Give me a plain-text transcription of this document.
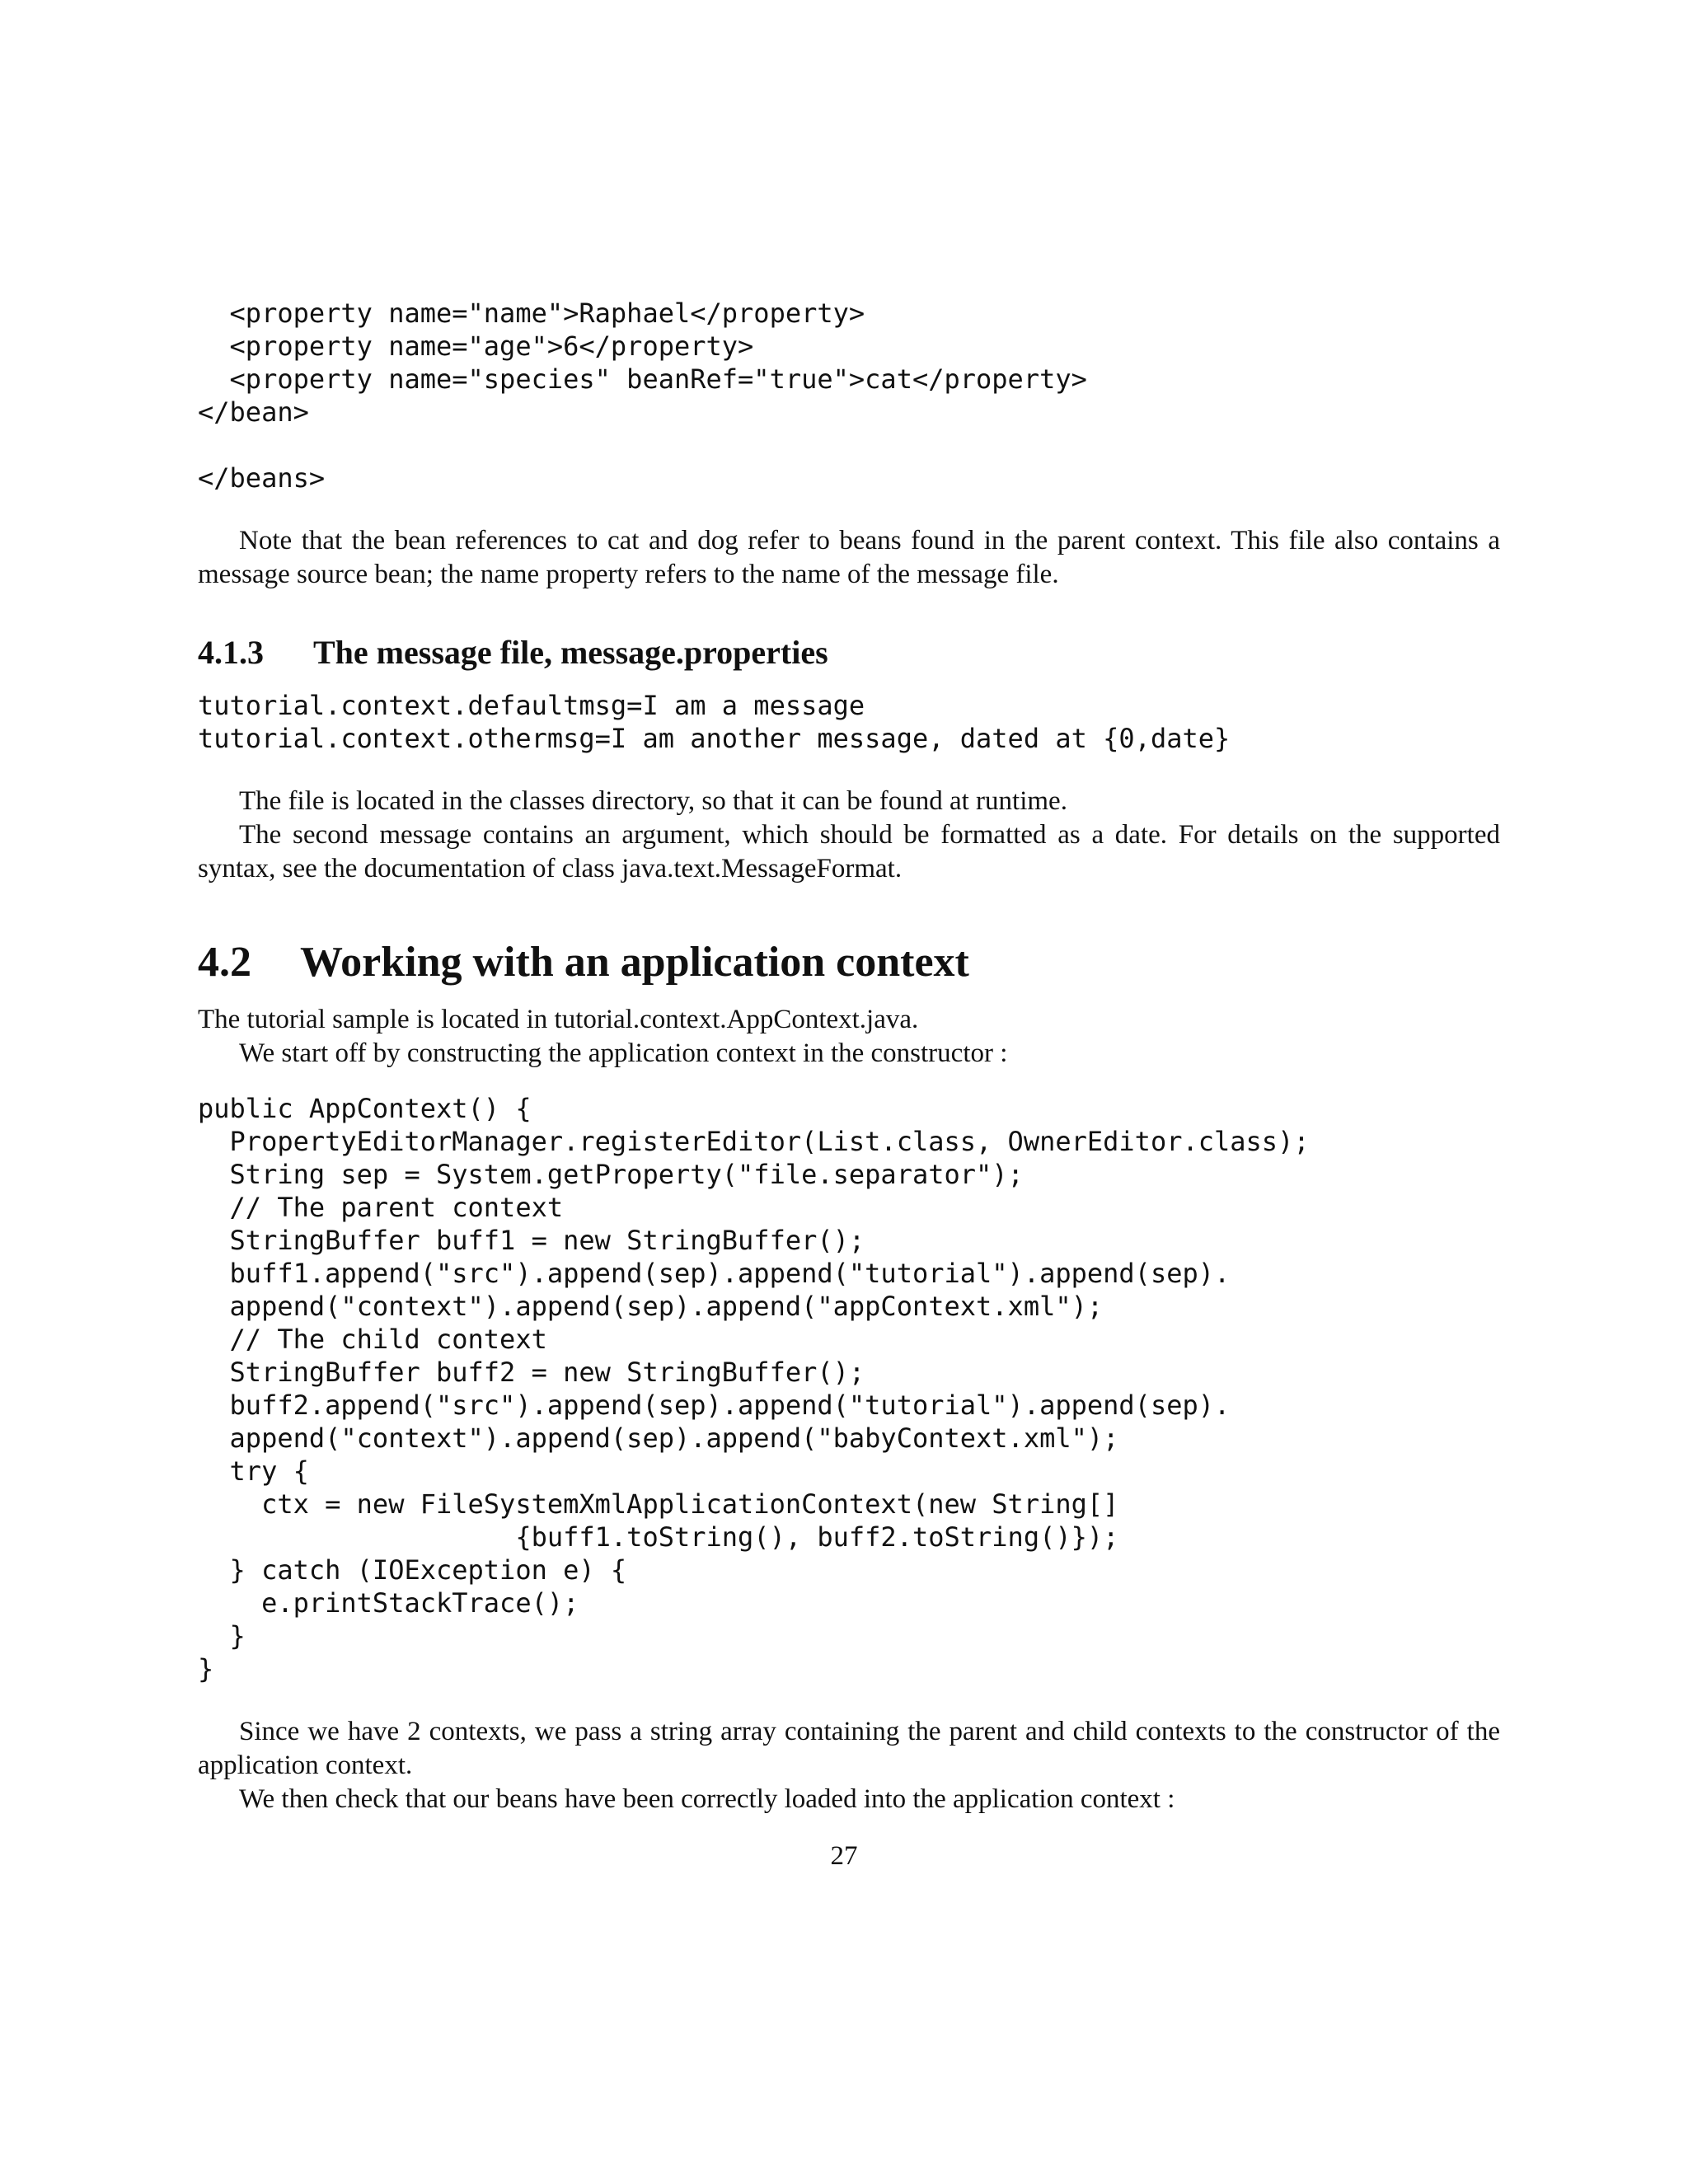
<property name="name">Raphael</property>
<property name="age">6</property>
<property name="species" beanRef="true">cat</property>
</bean>

</beans>

Note that the bean references to cat and dog refer to beans found in the parent context. This file also contains a message source bean; the name property refers to the name of the message file.

4.1.3 The message file, message.properties
tutorial.context.defaultmsg=I am a message
tutorial.context.othermsg=I am another message, dated at {0,date}

The file is located in the classes directory, so that it can be found at runtime.

The second message contains an argument, which should be formatted as a date. For details on the supported syntax, see the documentation of class java.text.MessageFormat.

4.2 Working with an application context

The tutorial sample is located in tutorial.context.AppContext.java.

We start off by constructing the application context in the constructor :

public AppContext() {
PropertyEditorManager.registerEditor(List.class, OwnerEditor.class);
String sep = System.getProperty("file.separator");
// The parent context
StringBuffer buff1 = new StringBuffer();
buff1.append("src").append(sep).append("tutorial").append(sep).
append("context").append(sep).append("appContext.xml");
// The child context
StringBuffer buff2 = new StringBuffer();
buff2.append("src").append(sep).append("tutorial").append(sep).
append("context").append(sep).append("babyContext.xml");
try {
ctx = new FileSystemXmlApplicationContext(new String[]
{buff1.toString(), buff2.toString()});
} catch (IOException e) {
e.printStackTrace();
}
}

Since we have 2 contexts, we pass a string array containing the parent and child contexts to the constructor of the application context.

We then check that our beans have been correctly loaded into the application context :

27
